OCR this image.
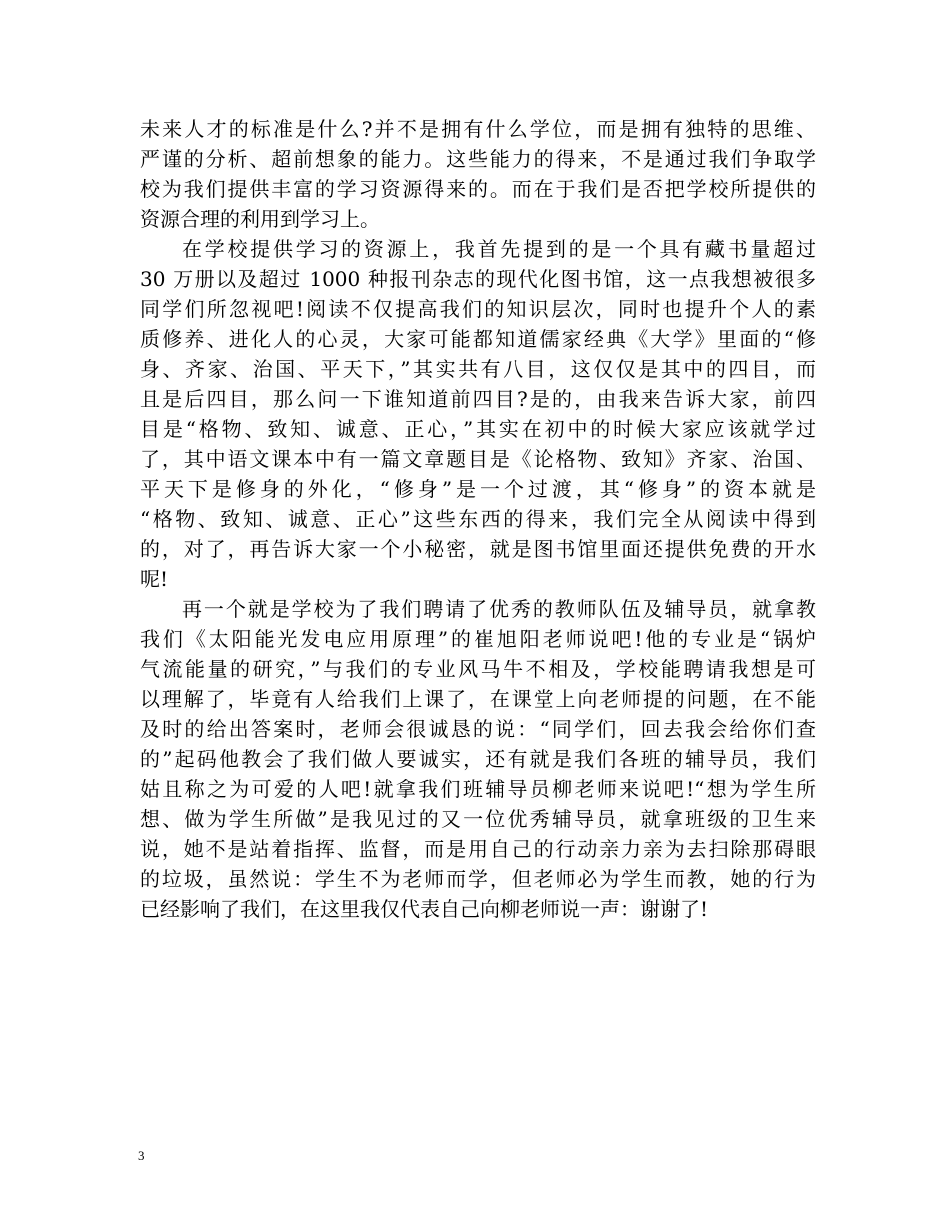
未来人才的标准是什么?并不是拥有什么学位，而是拥有独特的思维、
严谨的分析、超前想象的能力。这些能力的得来，不是通过我们争取学
校为我们提供丰富的学习资源得来的。而在于我们是否把学校所提供的
资源合理的利用到学习上。
在学校提供学习的资源上，我首先提到的是一个具有藏书量超过
30 万册以及超过 1000 种报刊杂志的现代化图书馆，这一点我想被很多
同学们所忽视吧!阅读不仅提高我们的知识层次，同时也提升个人的素
质修养、进化人的心灵，大家可能都知道儒家经典《大学》里面的“修
身、齐家、治国、平天下，”其实共有八目，这仅仅是其中的四目，而
且是后四目，那么问一下谁知道前四目?是的，由我来告诉大家，前四
目是“格物、致知、诚意、正心，”其实在初中的时候大家应该就学过
了，其中语文课本中有一篇文章题目是《论格物、致知》齐家、治国、
平天下是修身的外化，“修身”是一个过渡，其“修身”的资本就是
“格物、致知、诚意、正心”这些东西的得来，我们完全从阅读中得到
的，对了，再告诉大家一个小秘密，就是图书馆里面还提供免费的开水
呢!
再一个就是学校为了我们聘请了优秀的教师队伍及辅导员，就拿教
我们《太阳能光发电应用原理”的崔旭阳老师说吧!他的专业是“锅炉
气流能量的研究，”与我们的专业风马牛不相及，学校能聘请我想是可
以理解了，毕竟有人给我们上课了，在课堂上向老师提的问题，在不能
及时的给出答案时，老师会很诚恳的说：“同学们，回去我会给你们查
的”起码他教会了我们做人要诚实，还有就是我们各班的辅导员，我们
姑且称之为可爱的人吧!就拿我们班辅导员柳老师来说吧!“想为学生所
想、做为学生所做”是我见过的又一位优秀辅导员，就拿班级的卫生来
说，她不是站着指挥、监督，而是用自己的行动亲力亲为去扫除那碍眼
的垃圾，虽然说：学生不为老师而学，但老师必为学生而教，她的行为
已经影响了我们，在这里我仅代表自己向柳老师说一声：谢谢了!
3
